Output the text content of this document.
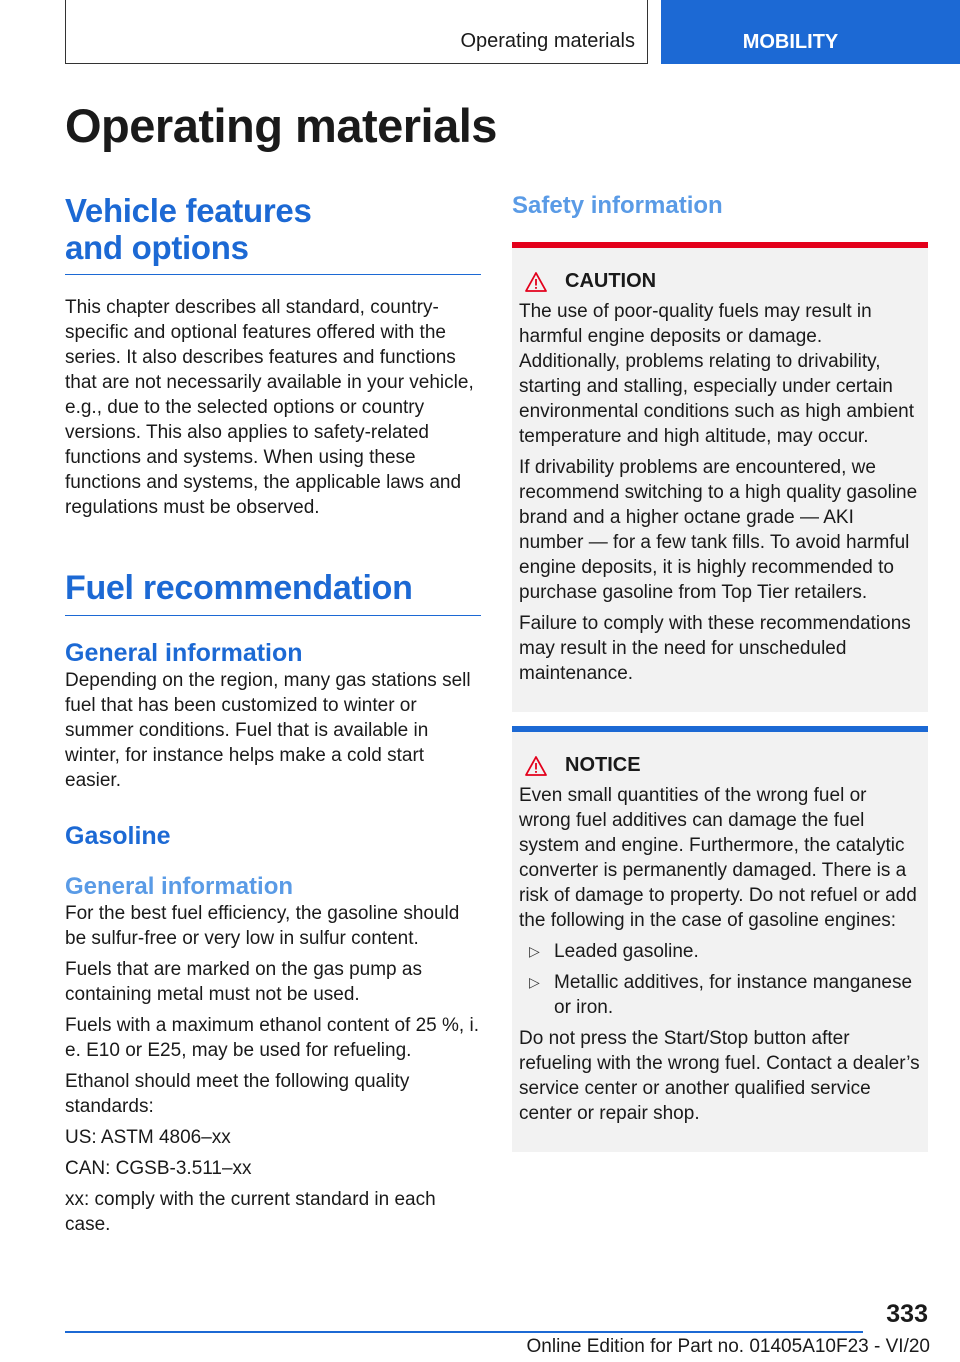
Operating materials	MOBILITY
Operating materials
Vehicle features and options

This chapter describes all standard, country-specific and optional features offered with the series. It also describes features and functions that are not necessarily available in your vehicle, e.g., due to the selected options or country versions. This also applies to safety-related functions and systems. When using these functions and systems, the applicable laws and regulations must be observed.

Fuel recommendation
General information

Depending on the region, many gas stations sell fuel that has been customized to winter or summer conditions. Fuel that is available in winter, for instance helps make a cold start easier.

Gasoline
General information

For the best fuel efficiency, the gasoline should be sulfur-free or very low in sulfur content.

Fuels that are marked on the gas pump as containing metal must not be used.

Fuels with a maximum ethanol content of 25 %, i. e. E10 or E25, may be used for refueling.

Ethanol should meet the following quality standards:

US: ASTM 4806–xx

CAN: CGSB-3.511–xx

xx: comply with the current standard in each case.

Safety information
CAUTION

The use of poor-quality fuels may result in harmful engine deposits or damage. Additionally, problems relating to drivability, starting and stalling, especially under certain environmental conditions such as high ambient temperature and high altitude, may occur.

If drivability problems are encountered, we recommend switching to a high quality gasoline brand and a higher octane grade — AKI number — for a few tank fills. To avoid harmful engine deposits, it is highly recommended to purchase gasoline from Top Tier retailers.

Failure to comply with these recommendations may result in the need for unscheduled maintenance.

NOTICE

Even small quantities of the wrong fuel or wrong fuel additives can damage the fuel system and engine. Furthermore, the catalytic converter is permanently damaged. There is a risk of damage to property. Do not refuel or add the following in the case of gasoline engines:

▷ Leaded gasoline.
▷ Metallic additives, for instance manganese or iron.

Do not press the Start/Stop button after refueling with the wrong fuel. Contact a dealer’s service center or another qualified service center or repair shop.

333
Online Edition for Part no. 01405A10F23 - VI/20
